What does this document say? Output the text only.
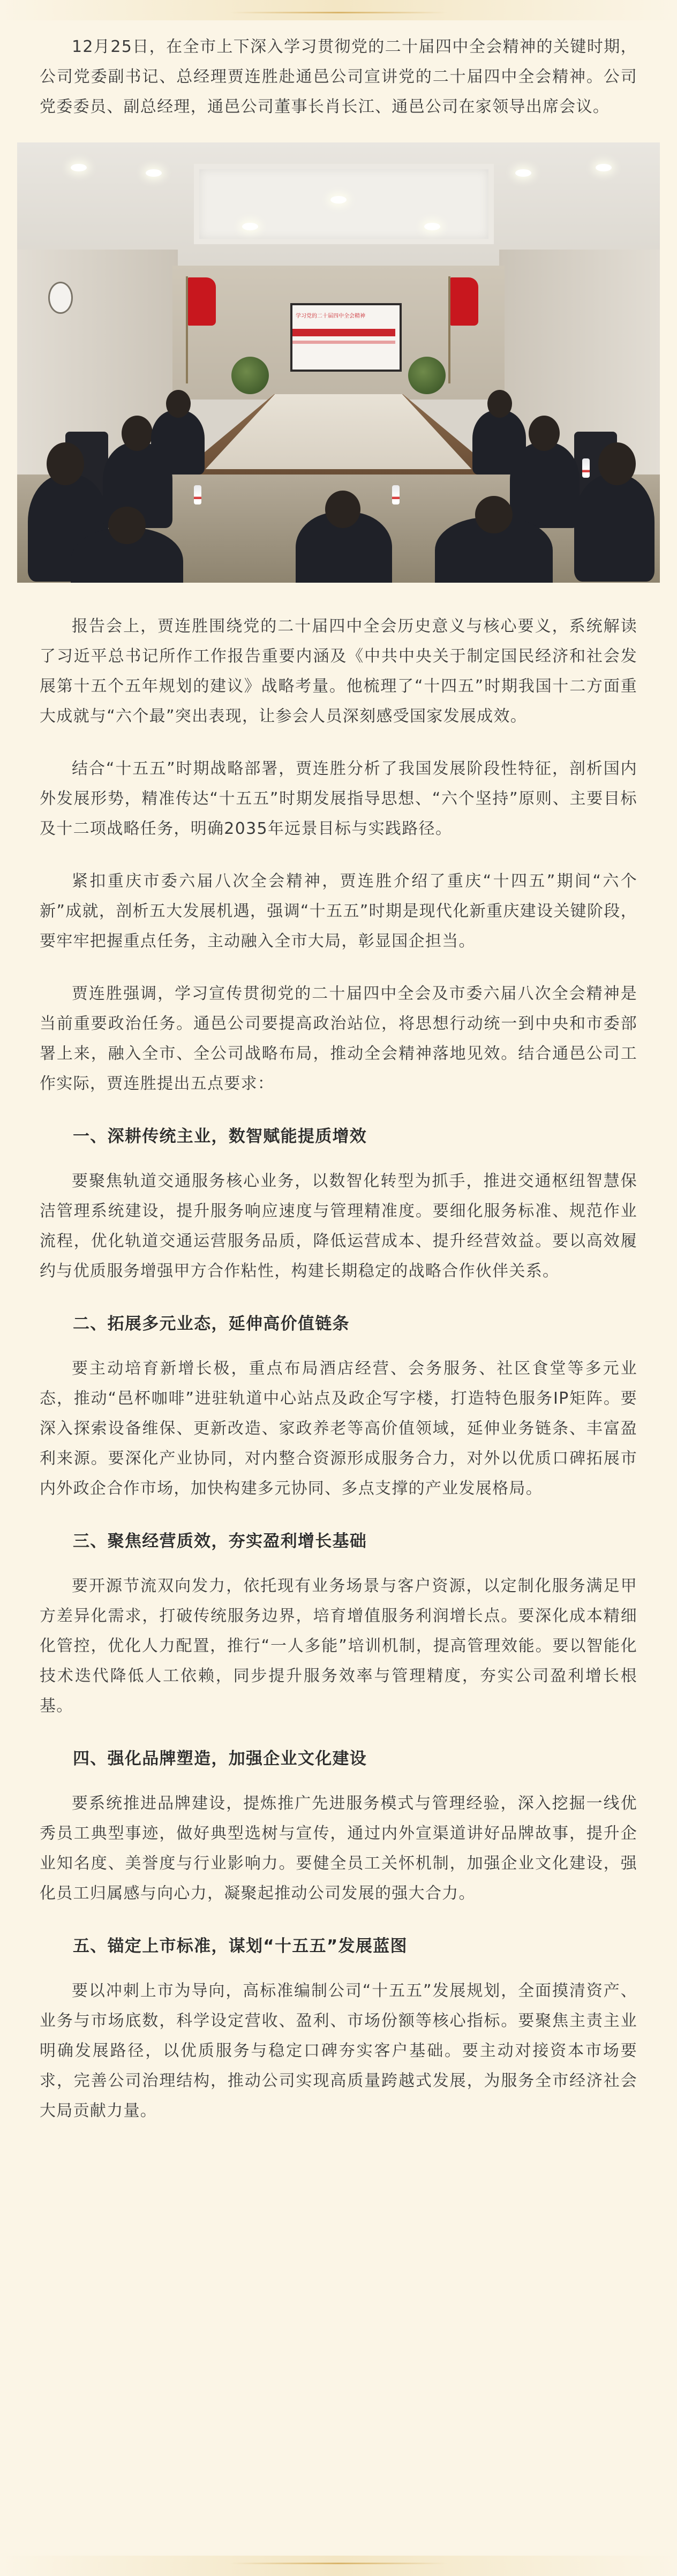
12月25日，在全市上下深入学习贯彻党的二十届四中全会精神的关键时期，公司党委副书记、总经理贾连胜赴通邑公司宣讲党的二十届四中全会精神。公司党委委员、副总经理，通邑公司董事长肖长江、通邑公司在家领导出席会议。

学习党的二十届四中全会精神

报告会上，贾连胜围绕党的二十届四中全会历史意义与核心要义，系统解读了习近平总书记所作工作报告重要内涵及《中共中央关于制定国民经济和社会发展第十五个五年规划的建议》战略考量。他梳理了“十四五”时期我国十二方面重大成就与“六个最”突出表现，让参会人员深刻感受国家发展成效。

结合“十五五”时期战略部署，贾连胜分析了我国发展阶段性特征，剖析国内外发展形势，精准传达“十五五”时期发展指导思想、“六个坚持”原则、主要目标及十二项战略任务，明确2035年远景目标与实践路径。

紧扣重庆市委六届八次全会精神，贾连胜介绍了重庆“十四五”期间“六个新”成就，剖析五大发展机遇，强调“十五五”时期是现代化新重庆建设关键阶段，要牢牢把握重点任务，主动融入全市大局，彰显国企担当。

贾连胜强调，学习宣传贯彻党的二十届四中全会及市委六届八次全会精神是当前重要政治任务。通邑公司要提高政治站位，将思想行动统一到中央和市委部署上来，融入全市、全公司战略布局，推动全会精神落地见效。结合通邑公司工作实际，贾连胜提出五点要求：

一、深耕传统主业，数智赋能提质增效

要聚焦轨道交通服务核心业务，以数智化转型为抓手，推进交通枢纽智慧保洁管理系统建设，提升服务响应速度与管理精准度。要细化服务标准、规范作业流程，优化轨道交通运营服务品质，降低运营成本、提升经营效益。要以高效履约与优质服务增强甲方合作粘性，构建长期稳定的战略合作伙伴关系。

二、拓展多元业态，延伸高价值链条

要主动培育新增长极，重点布局酒店经营、会务服务、社区食堂等多元业态，推动“邑杯咖啡”进驻轨道中心站点及政企写字楼，打造特色服务IP矩阵。要深入探索设备维保、更新改造、家政养老等高价值领域，延伸业务链条、丰富盈利来源。要深化产业协同，对内整合资源形成服务合力，对外以优质口碑拓展市内外政企合作市场，加快构建多元协同、多点支撑的产业发展格局。

三、聚焦经营质效，夯实盈利增长基础

要开源节流双向发力，依托现有业务场景与客户资源，以定制化服务满足甲方差异化需求，打破传统服务边界，培育增值服务利润增长点。要深化成本精细化管控，优化人力配置，推行“一人多能”培训机制，提高管理效能。要以智能化技术迭代降低人工依赖，同步提升服务效率与管理精度，夯实公司盈利增长根基。

四、强化品牌塑造，加强企业文化建设

要系统推进品牌建设，提炼推广先进服务模式与管理经验，深入挖掘一线优秀员工典型事迹，做好典型选树与宣传，通过内外宣渠道讲好品牌故事，提升企业知名度、美誉度与行业影响力。要健全员工关怀机制，加强企业文化建设，强化员工归属感与向心力，凝聚起推动公司发展的强大合力。

五、锚定上市标准，谋划“十五五”发展蓝图

要以冲刺上市为导向，高标准编制公司“十五五”发展规划，全面摸清资产、业务与市场底数，科学设定营收、盈利、市场份额等核心指标。要聚焦主责主业明确发展路径，以优质服务与稳定口碑夯实客户基础。要主动对接资本市场要求，完善公司治理结构，推动公司实现高质量跨越式发展，为服务全市经济社会大局贡献力量。
